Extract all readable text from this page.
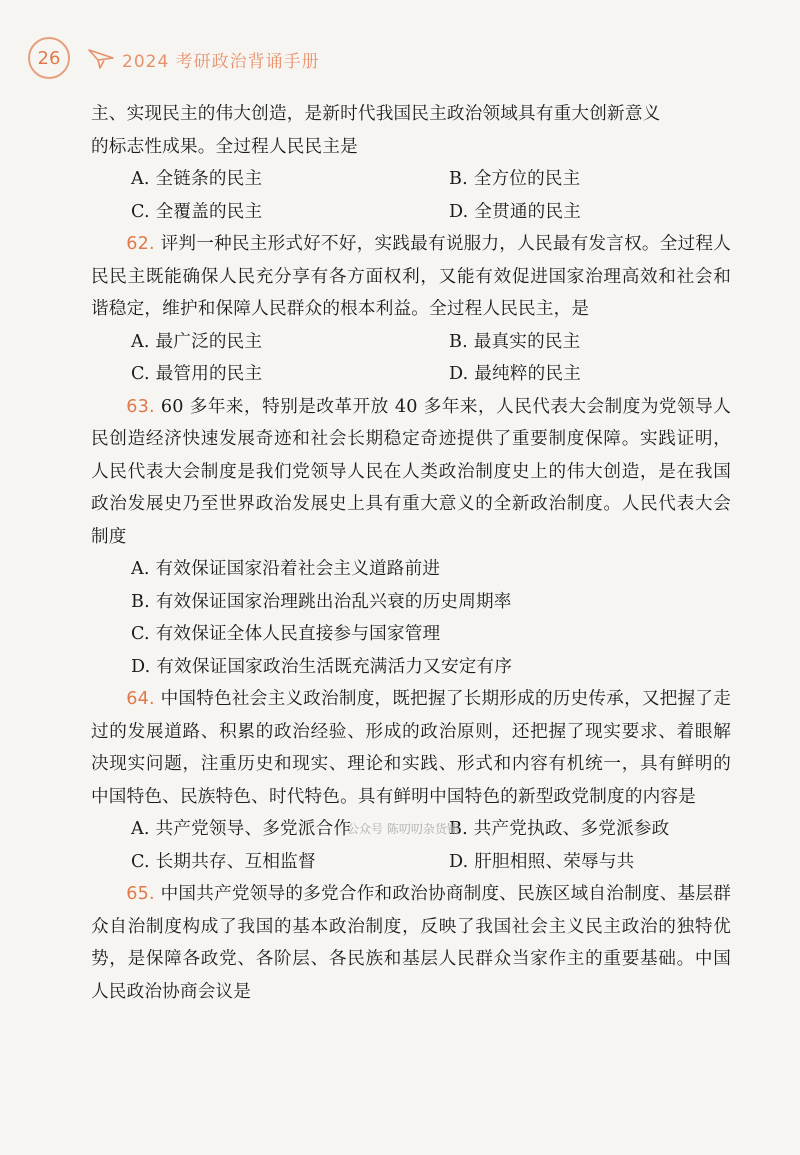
26	2024 考研政治背诵手册

主、实现民主的伟大创造，是新时代我国民主政治领域具有重大创新意义

的标志性成果。全过程人民民主是

A. 全链条的民主	B. 全方位的民主
C. 全覆盖的民主	D. 全贯通的民主

62. 评判一种民主形式好不好，实践最有说服力，人民最有发言权。全过程人民民主既能确保人民充分享有各方面权利，又能有效促进国家治理高效和社会和谐稳定，维护和保障人民群众的根本利益。全过程人民民主，是

A. 最广泛的民主	B. 最真实的民主
C. 最管用的民主	D. 最纯粹的民主

63. 60 多年来，特别是改革开放 40 多年来，人民代表大会制度为党领导人民创造经济快速发展奇迹和社会长期稳定奇迹提供了重要制度保障。实践证明，人民代表大会制度是我们党领导人民在人类政治制度史上的伟大创造，是在我国政治发展史乃至世界政治发展史上具有重大意义的全新政治制度。人民代表大会制度

A. 有效保证国家沿着社会主义道路前进
B. 有效保证国家治理跳出治乱兴衰的历史周期率
C. 有效保证全体人民直接参与国家管理
D. 有效保证国家政治生活既充满活力又安定有序

64. 中国特色社会主义政治制度，既把握了长期形成的历史传承，又把握了走过的发展道路、积累的政治经验、形成的政治原则，还把握了现实要求、着眼解决现实问题，注重历史和现实、理论和实践、形式和内容有机统一，具有鲜明的中国特色、民族特色、时代特色。具有鲜明中国特色的新型政党制度的内容是

A. 共产党领导、多党派合作	B. 共产党执政、多党派参政
C. 长期共存、互相监督	D. 肝胆相照、荣辱与共

65. 中国共产党领导的多党合作和政治协商制度、民族区域自治制度、基层群众自治制度构成了我国的基本政治制度，反映了我国社会主义民主政治的独特优势，是保障各政党、各阶层、各民族和基层人民群众当家作主的重要基础。中国人民政治协商会议是

公众号 陈叨叨杂货铺
